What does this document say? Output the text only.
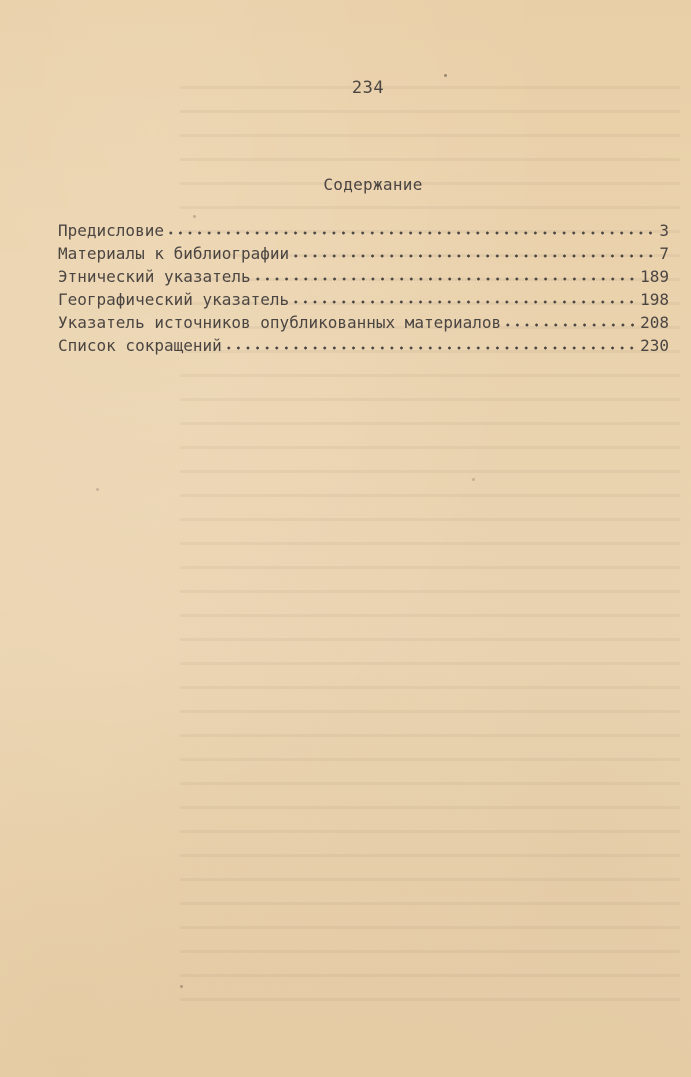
234
Содержание
Предисловие	3
Материалы к библиографии	7
Этнический указатель	189
Географический указатель	198
Указатель источников опубликованных материалов	208
Список сокращений	230
